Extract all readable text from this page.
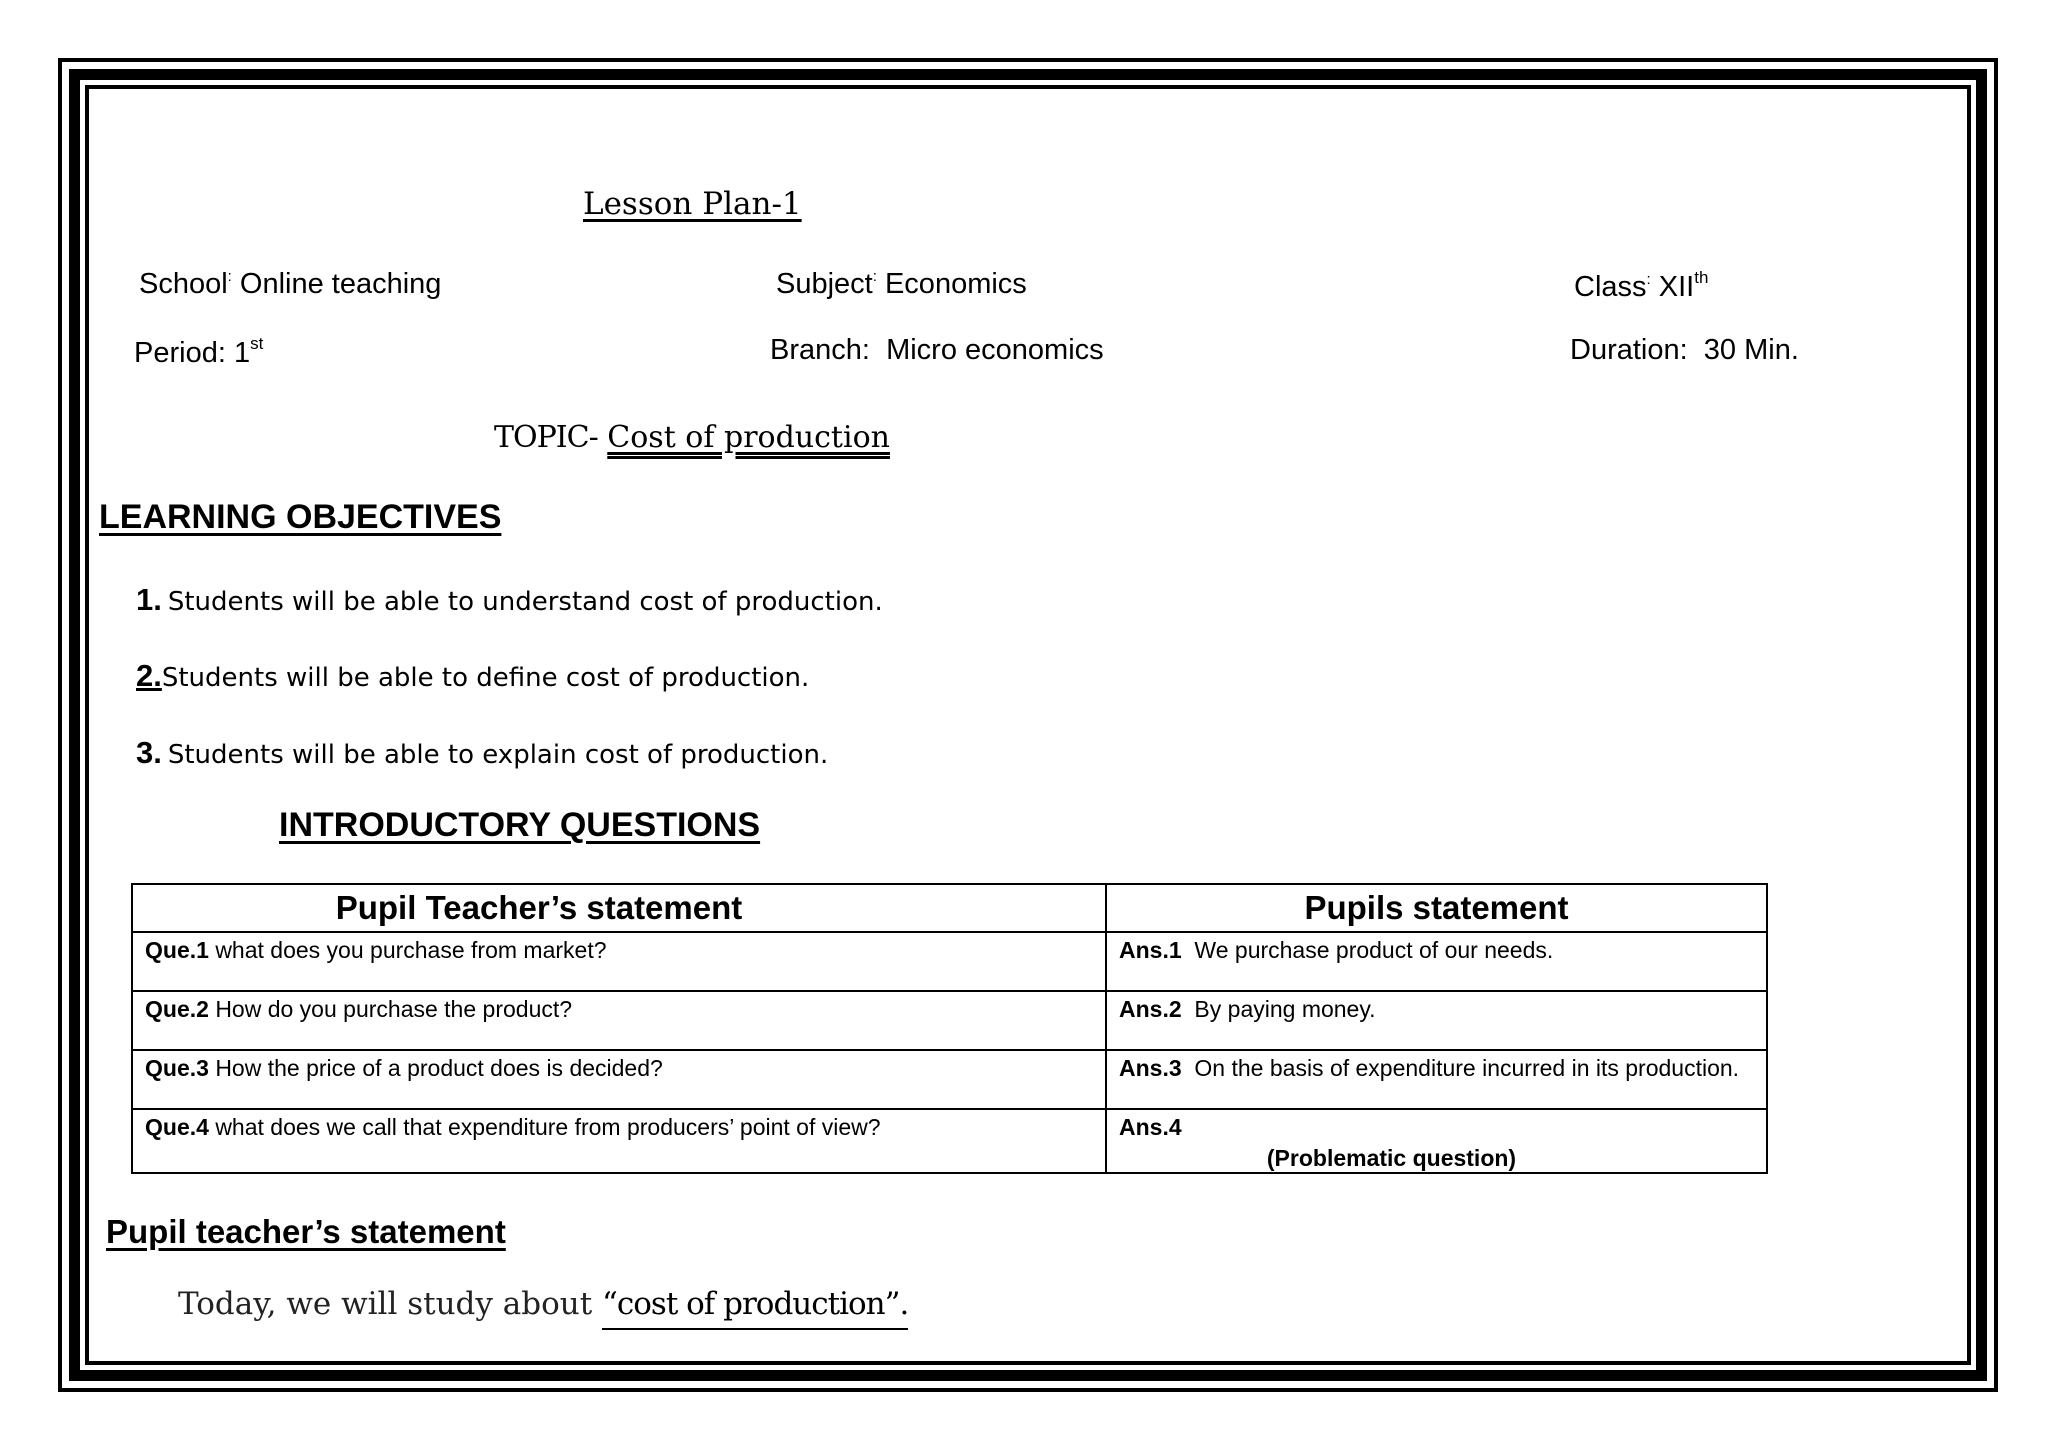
Lesson Plan-1
School: Online teaching	Subject: Economics	Class: XIIth
Period: 1st	Branch: Micro economics	Duration: 30 Min.
TOPIC- Cost of production
LEARNING OBJECTIVES
1. Students will be able to understand cost of production.
2.Students will be able to define cost of production.
3. Students will be able to explain cost of production.
INTRODUCTORY QUESTIONS
Pupil Teacher’s statement	Pupils statement
Que.1 what does you purchase from market?	Ans.1 We purchase product of our needs.
Que.2 How do you purchase the product?	Ans.2 By paying money.
Que.3 How the price of a product does is decided?	Ans.3 On the basis of expenditure incurred in its production.
Que.4 what does we call that expenditure from producers’ point of view?	Ans.4
(Problematic question)
Pupil teacher’s statement
Today, we will study about “cost of production”.
